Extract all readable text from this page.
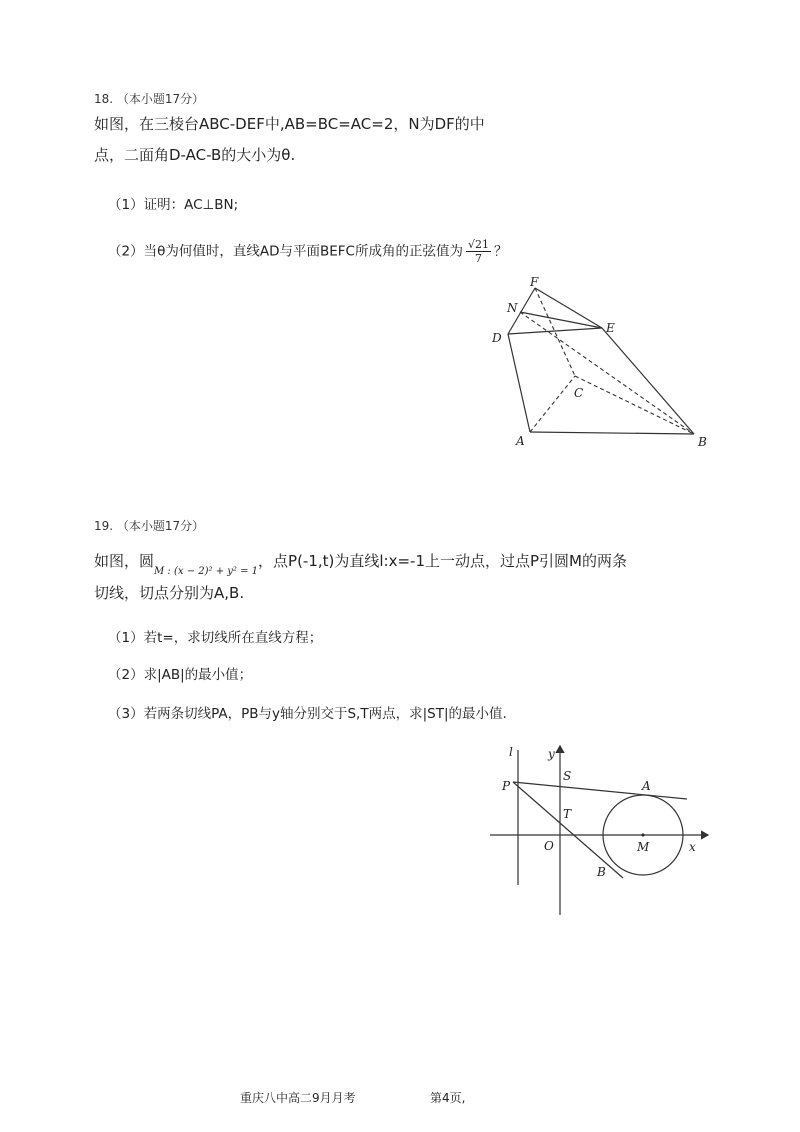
18. （本小题17分）
如图，在三棱台ABC-DEF中,AB=BC=AC=2，N为DF的中
点，二面角D-AC-B的大小为θ.
（1）证明：AC⊥BN;
（2）当θ为何值时，直线AD与平面BEFC所成角的正弦值为 $\frac{√21}{7}$ ？
F
N
E
D
C
A	B
19. （本小题17分）
如图，圆$_{M : (x - 2)^2 + y^2 = 1}$，点P(-1,t)为直线l:x=-1上一动点，过点P引圆M的两条
切线，切点分别为A,B.
（1）若t=，求切线所在直线方程；
（2）求|AB|的最小值；
（3）若两条切线PA，PB与y轴分别交于S,T两点，求|ST|的最小值.
l	y
P
S
A
T
O	M	x
B
重庆八中高二9月月考	第4页,
